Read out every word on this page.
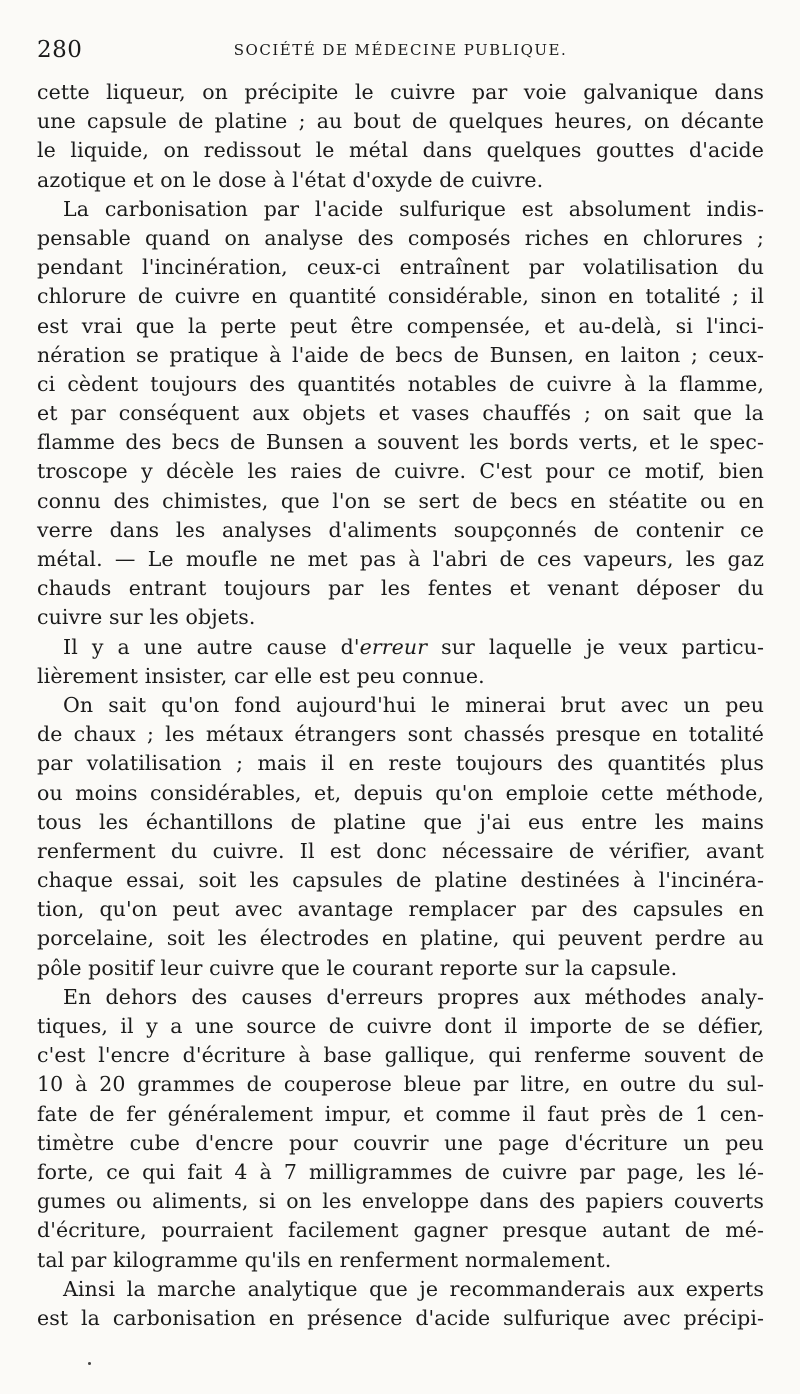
280	SOCIÉTÉ DE MÉDECINE PUBLIQUE.
cette liqueur, on précipite le cuivre par voie galvanique dans
une capsule de platine ; au bout de quelques heures, on décante
le liquide, on redissout le métal dans quelques gouttes d'acide
azotique et on le dose à l'état d'oxyde de cuivre.
La carbonisation par l'acide sulfurique est absolument indis-
pensable quand on analyse des composés riches en chlorures ;
pendant l'incinération, ceux-ci entraînent par volatilisation du
chlorure de cuivre en quantité considérable, sinon en totalité ; il
est vrai que la perte peut être compensée, et au-delà, si l'inci-
nération se pratique à l'aide de becs de Bunsen, en laiton ; ceux-
ci cèdent toujours des quantités notables de cuivre à la flamme,
et par conséquent aux objets et vases chauffés ; on sait que la
flamme des becs de Bunsen a souvent les bords verts, et le spec-
troscope y décèle les raies de cuivre. C'est pour ce motif, bien
connu des chimistes, que l'on se sert de becs en stéatite ou en
verre dans les analyses d'aliments soupçonnés de contenir ce
métal. — Le moufle ne met pas à l'abri de ces vapeurs, les gaz
chauds entrant toujours par les fentes et venant déposer du
cuivre sur les objets.
Il y a une autre cause d'erreur sur laquelle je veux particu-
lièrement insister, car elle est peu connue.
On sait qu'on fond aujourd'hui le minerai brut avec un peu
de chaux ; les métaux étrangers sont chassés presque en totalité
par volatilisation ; mais il en reste toujours des quantités plus
ou moins considérables, et, depuis qu'on emploie cette méthode,
tous les échantillons de platine que j'ai eus entre les mains
renferment du cuivre. Il est donc nécessaire de vérifier, avant
chaque essai, soit les capsules de platine destinées à l'incinéra-
tion, qu'on peut avec avantage remplacer par des capsules en
porcelaine, soit les électrodes en platine, qui peuvent perdre au
pôle positif leur cuivre que le courant reporte sur la capsule.
En dehors des causes d'erreurs propres aux méthodes analy-
tiques, il y a une source de cuivre dont il importe de se défier,
c'est l'encre d'écriture à base gallique, qui renferme souvent de
10 à 20 grammes de couperose bleue par litre, en outre du sul-
fate de fer généralement impur, et comme il faut près de 1 cen-
timètre cube d'encre pour couvrir une page d'écriture un peu
forte, ce qui fait 4 à 7 milligrammes de cuivre par page, les lé-
gumes ou aliments, si on les enveloppe dans des papiers couverts
d'écriture, pourraient facilement gagner presque autant de mé-
tal par kilogramme qu'ils en renferment normalement.
Ainsi la marche analytique que je recommanderais aux experts
est la carbonisation en présence d'acide sulfurique avec précipi-
